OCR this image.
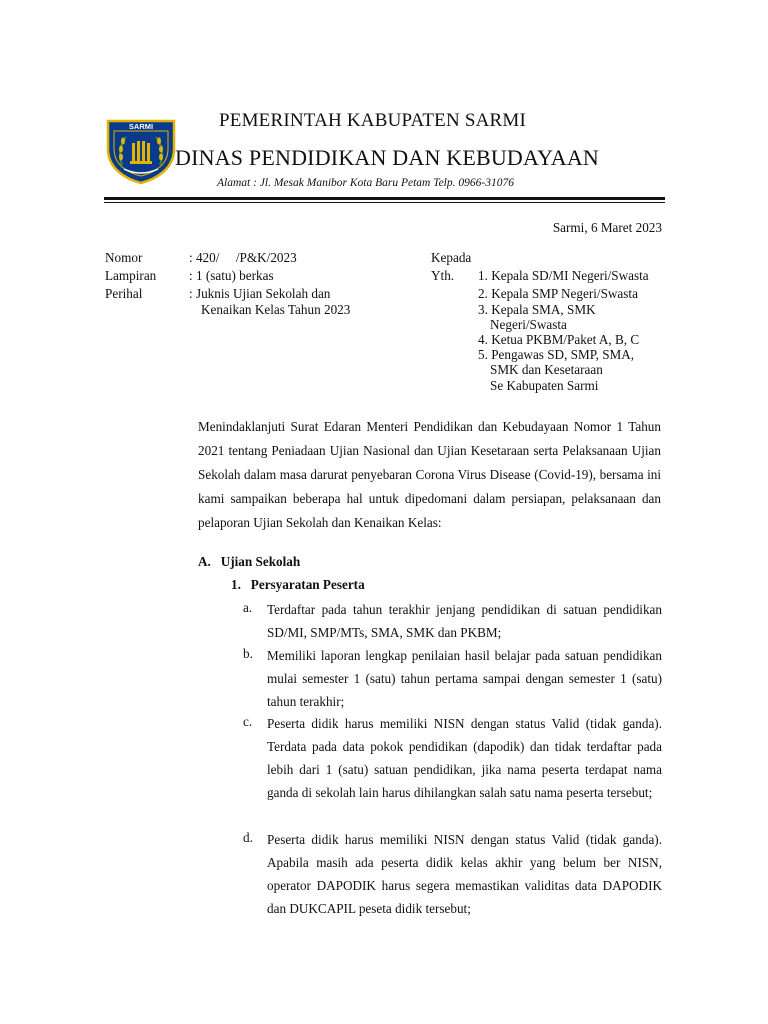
SARMI	PEMERINTAH KABUPATEN SARMI
DINAS PENDIDIKAN DAN KEBUDAYAAN
Alamat : Jl. Mesak Manibor Kota Baru Petam Telp. 0966-31076
Sarmi, 6 Maret 2023
Nomor	: 420/     /P&K/2023
Lampiran : 1 (satu) berkas
Perihal	: Juknis Ujian Sekolah dan
Kenaikan Kelas Tahun 2023
Kepada
Yth. 1. Kepala SD/MI Negeri/Swasta
2. Kepala SMP Negeri/Swasta
3. Kepala SMA, SMK
Negeri/Swasta
4. Ketua PKBM/Paket A, B, C
5. Pengawas SD, SMP, SMA,
SMK dan Kesetaraan
Se Kabupaten Sarmi
Menindaklanjuti Surat Edaran Menteri Pendidikan dan Kebudayaan Nomor 1 Tahun 2021 tentang Peniadaan Ujian Nasional dan Ujian Kesetaraan serta Pelaksanaan Ujian Sekolah dalam masa darurat penyebaran Corona Virus Disease (Covid-19), bersama ini kami sampaikan beberapa hal untuk dipedomani dalam persiapan, pelaksanaan dan pelaporan Ujian Sekolah dan Kenaikan Kelas:
A.   Ujian Sekolah
1.   Persyaratan Peserta
a. Terdaftar pada tahun terakhir jenjang pendidikan di satuan pendidikan SD/MI, SMP/MTs, SMA, SMK dan PKBM;
b. Memiliki laporan lengkap penilaian hasil belajar pada satuan pendidikan mulai semester 1 (satu) tahun pertama sampai dengan semester 1 (satu) tahun terakhir;
c. Peserta didik harus memiliki NISN dengan status Valid (tidak ganda). Terdata pada data pokok pendidikan (dapodik) dan tidak terdaftar pada lebih dari 1 (satu) satuan pendidikan, jika nama peserta terdapat nama ganda di sekolah lain harus dihilangkan salah satu nama peserta tersebut;
d. Peserta didik harus memiliki NISN dengan status Valid (tidak ganda). Apabila masih ada peserta didik kelas akhir yang belum ber NISN, operator DAPODIK harus segera memastikan validitas data DAPODIK dan DUKCAPIL peseta didik tersebut;
